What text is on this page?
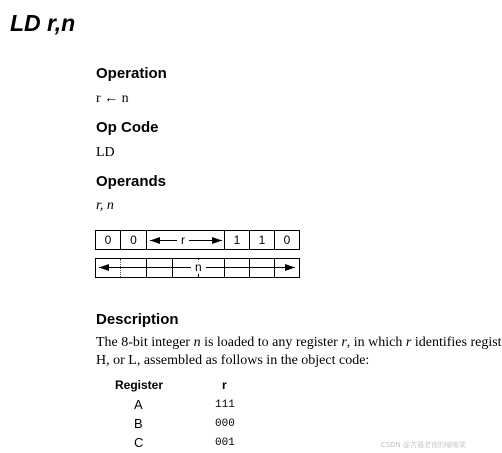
LD r,n
Operation

r ← n

Op Code

LD

Operands

r, n

0	0	r	1	1	0

n
Description
The 8-bit integer n is loaded to any register r, in which r identifies regist
H, or L, assembled as follows in the object code:
Register	r
A	111
B	000
C	001	CSDN @苦逼老夜的喵喵架
